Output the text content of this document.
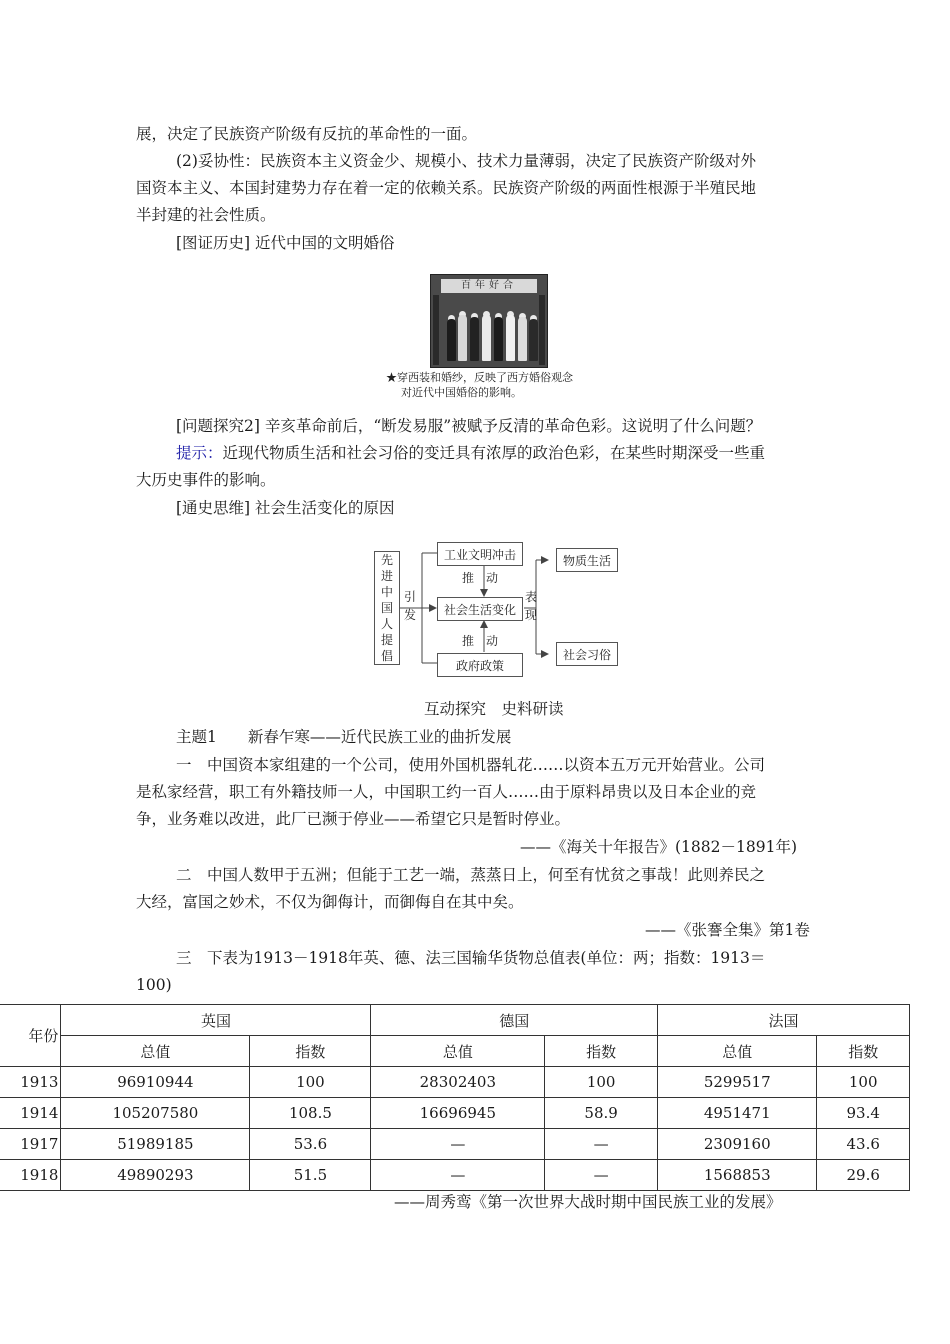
展，决定了民族资产阶级有反抗的革命性的一面。
(2)妥协性：民族资本主义资金少、规模小、技术力量薄弱，决定了民族资产阶级对外
国资本主义、本国封建势力存在着一定的依赖关系。民族资产阶级的两面性根源于半殖民地
半封建的社会性质。
[图证历史] 近代中国的文明婚俗
百年好合
★穿西装和婚纱，反映了西方婚俗观念
对近代中国婚俗的影响。
[问题探究2] 辛亥革命前后，“断发易服”被赋予反清的革命色彩。这说明了什么问题？
提示：近现代物质生活和社会习俗的变迁具有浓厚的政治色彩，在某些时期深受一些重
大历史事件的影响。
[通史思维] 社会生活变化的原因
先进中国人提倡
引发
工业文明冲击
推　动
社会生活变化
推　动
政府政策
表现
物质生活
社会习俗
互动探究　史料研读
主题1　　新春乍寒——近代民族工业的曲折发展
一　中国资本家组建的一个公司，使用外国机器轧花……以资本五万元开始营业。公司
是私家经营，职工有外籍技师一人，中国职工约一百人……由于原料昂贵以及日本企业的竞
争，业务难以改进，此厂已濒于停业——希望它只是暂时停业。
——《海关十年报告》(1882－1891年)
二　中国人数甲于五洲；但能于工艺一端，蒸蒸日上，何至有忧贫之事哉！此则养民之
大经，富国之妙术，不仅为御侮计，而御侮自在其中矣。
——《张謇全集》第1卷
三　下表为1913－1918年英、德、法三国输华货物总值表(单位：两；指数：1913＝
100)
年份	英国		德国		法国	
	总值	指数	总值	指数	总值	指数
1913	96910944	100	28302403	100	5299517	100
1914	105207580	108.5	16696945	58.9	4951471	93.4
1917	51989185	53.6	—	—	2309160	43.6
1918	49890293	51.5	—	—	1568853	29.6
——周秀鸾《第一次世界大战时期中国民族工业的发展》
